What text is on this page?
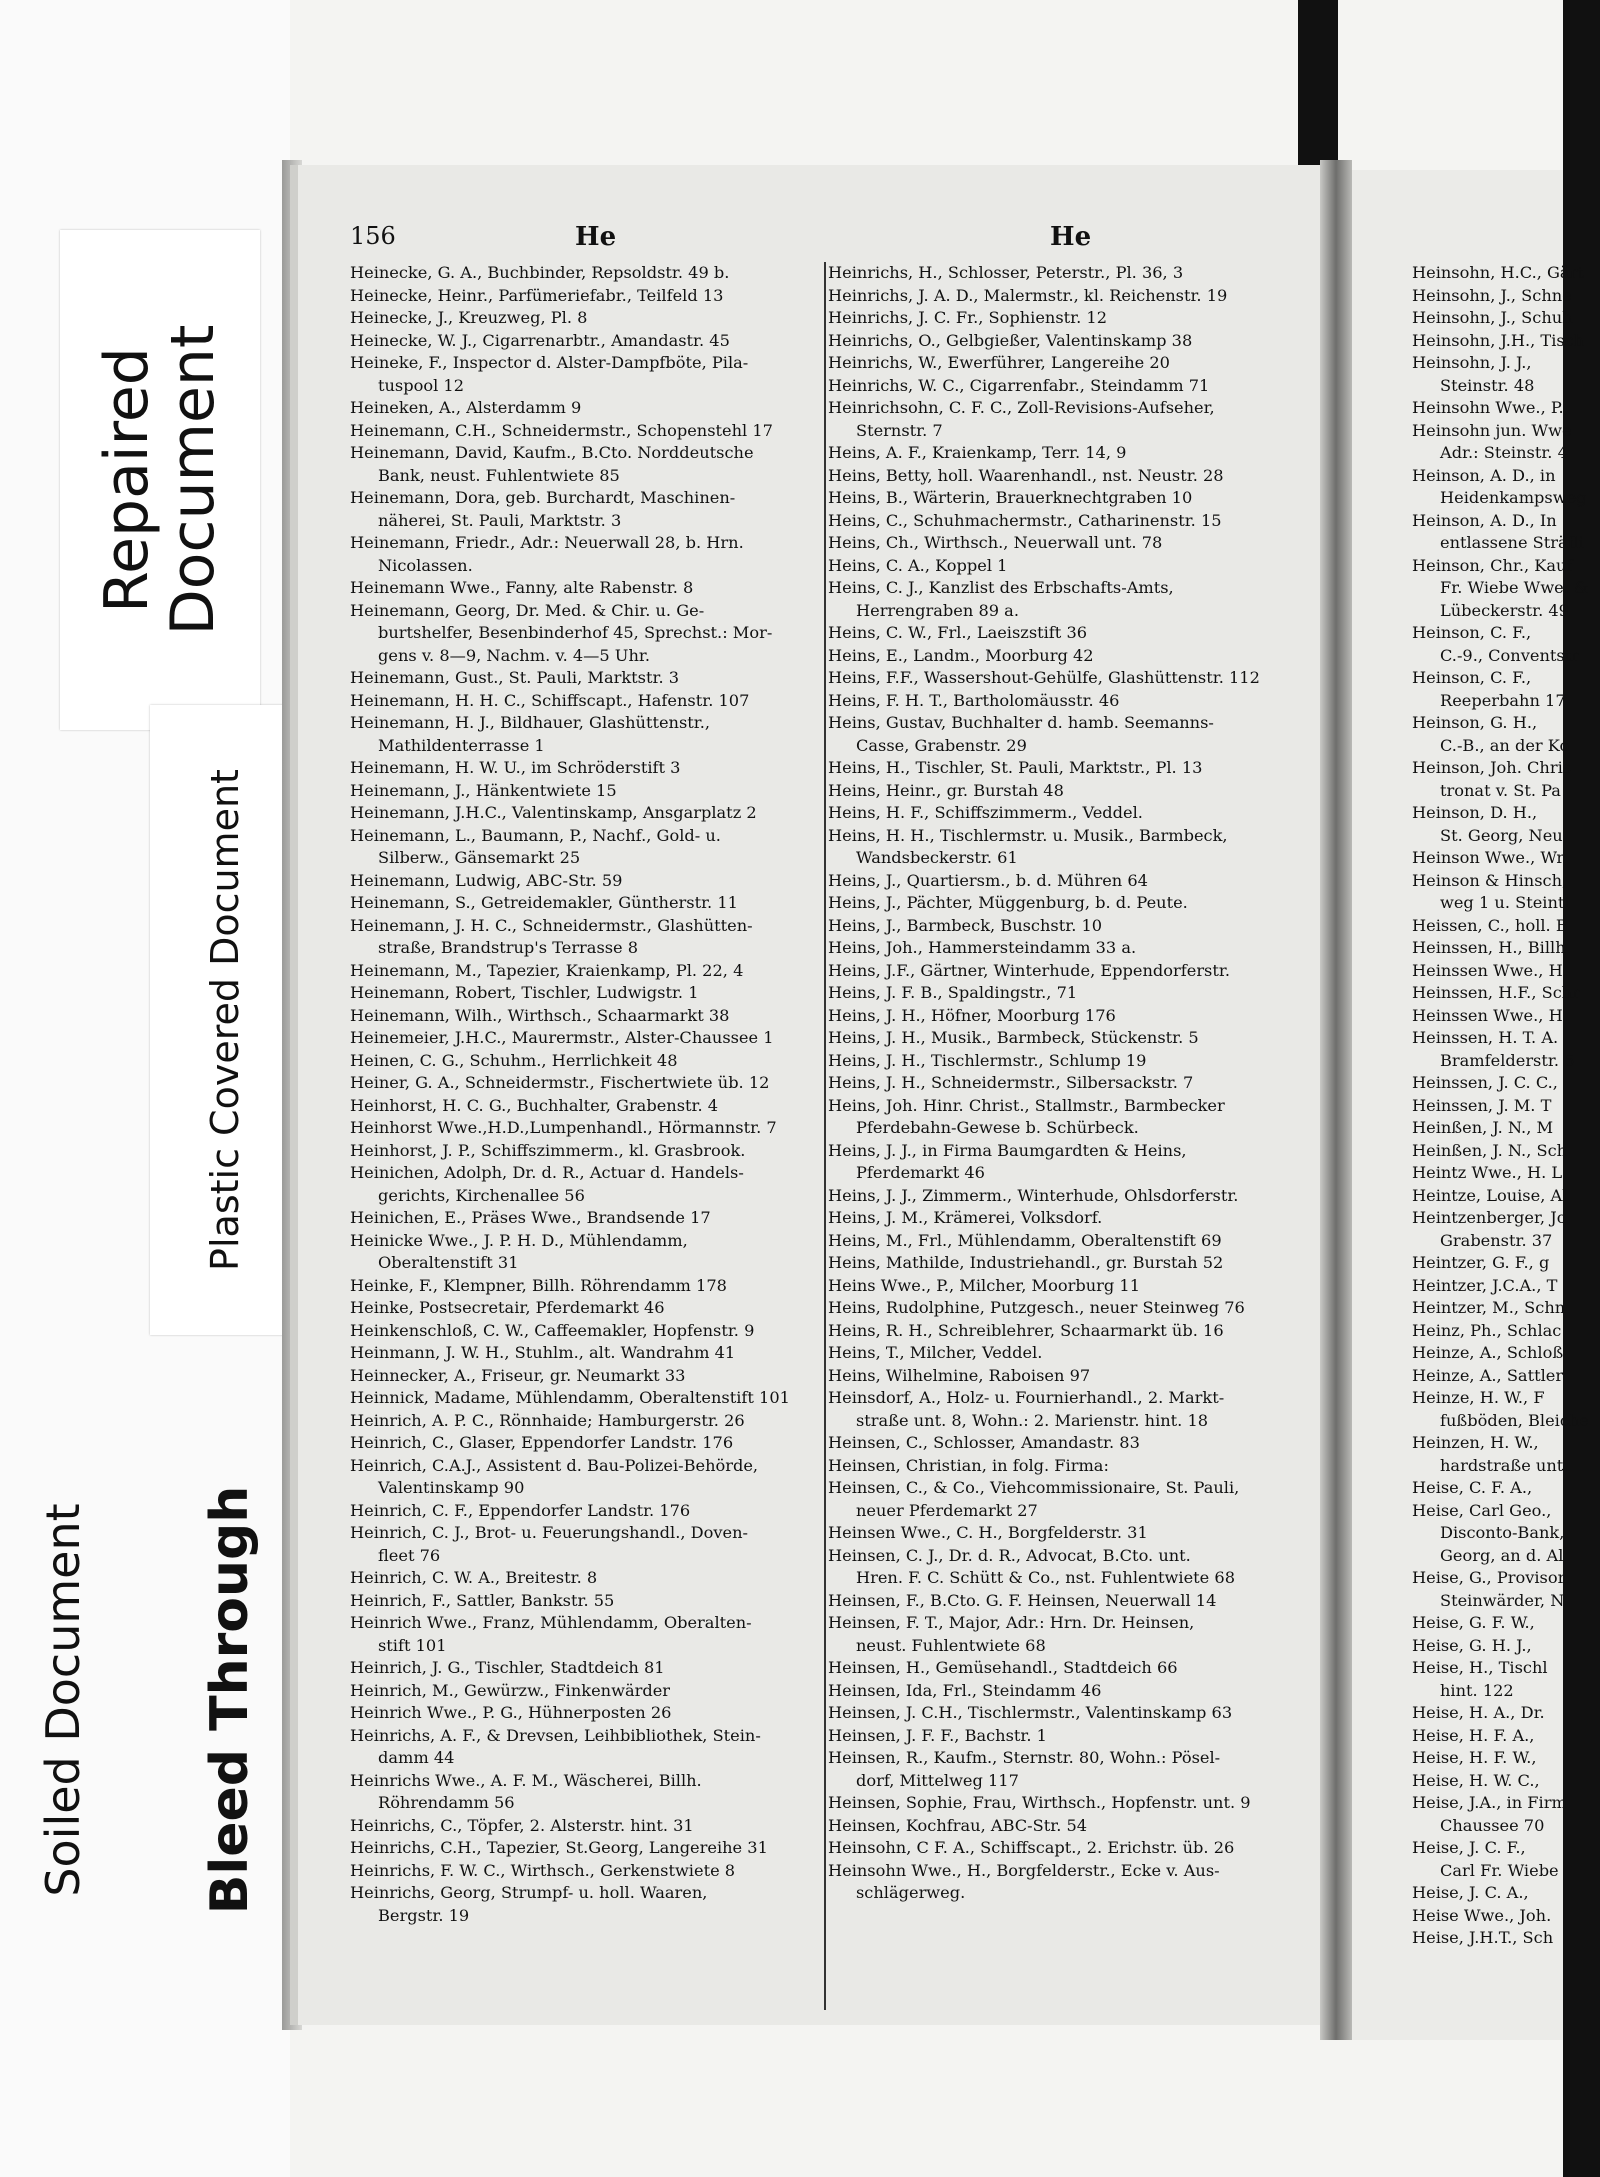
Repaired
Document
Plastic Covered Document
Soiled Document Bleed Through
156	He	He
Heinecke, G. A., Buchbinder, Repsoldstr. 49 b.
Heinecke, Heinr., Parfümeriefabr., Teilfeld 13
Heinecke, J., Kreuzweg, Pl. 8
Heinecke, W. J., Cigarrenarbtr., Amandastr. 45
Heineke, F., Inspector d. Alster-Dampfböte, Pila-
tuspool 12
Heineken, A., Alsterdamm 9
Heinemann, C.H., Schneidermstr., Schopenstehl 17
Heinemann, David, Kaufm., B.Cto. Norddeutsche
Bank, neust. Fuhlentwiete 85
Heinemann, Dora, geb. Burchardt, Maschinen-
näherei, St. Pauli, Marktstr. 3
Heinemann, Friedr., Adr.: Neuerwall 28, b. Hrn.
Nicolassen.
Heinemann Wwe., Fanny, alte Rabenstr. 8
Heinemann, Georg, Dr. Med. & Chir. u. Ge-
burtshelfer, Besenbinderhof 45, Sprechst.: Mor-
gens v. 8—9, Nachm. v. 4—5 Uhr.
Heinemann, Gust., St. Pauli, Marktstr. 3
Heinemann, H. H. C., Schiffscapt., Hafenstr. 107
Heinemann, H. J., Bildhauer, Glashüttenstr.,
Mathildenterrasse 1
Heinemann, H. W. U., im Schröderstift 3
Heinemann, J., Hänkentwiete 15
Heinemann, J.H.C., Valentinskamp, Ansgarplatz 2
Heinemann, L., Baumann, P., Nachf., Gold- u.
Silberw., Gänsemarkt 25
Heinemann, Ludwig, ABC-Str. 59
Heinemann, S., Getreidemakler, Güntherstr. 11
Heinemann, J. H. C., Schneidermstr., Glashütten-
straße, Brandstrup's Terrasse 8
Heinemann, M., Tapezier, Kraienkamp, Pl. 22, 4
Heinemann, Robert, Tischler, Ludwigstr. 1
Heinemann, Wilh., Wirthsch., Schaarmarkt 38
Heinemeier, J.H.C., Maurermstr., Alster-Chaussee 1
Heinen, C. G., Schuhm., Herrlichkeit 48
Heiner, G. A., Schneidermstr., Fischertwiete üb. 12
Heinhorst, H. C. G., Buchhalter, Grabenstr. 4
Heinhorst Wwe.,H.D.,Lumpenhandl., Hörmannstr. 7
Heinhorst, J. P., Schiffszimmerm., kl. Grasbrook.
Heinichen, Adolph, Dr. d. R., Actuar d. Handels-
gerichts, Kirchenallee 56
Heinichen, E., Präses Wwe., Brandsende 17
Heinicke Wwe., J. P. H. D., Mühlendamm,
Oberaltenstift 31
Heinke, F., Klempner, Billh. Röhrendamm 178
Heinke, Postsecretair, Pferdemarkt 46
Heinkenschloß, C. W., Caffeemakler, Hopfenstr. 9
Heinmann, J. W. H., Stuhlm., alt. Wandrahm 41
Heinnecker, A., Friseur, gr. Neumarkt 33
Heinnick, Madame, Mühlendamm, Oberaltenstift 101
Heinrich, A. P. C., Rönnhaide; Hamburgerstr. 26
Heinrich, C., Glaser, Eppendorfer Landstr. 176
Heinrich, C.A.J., Assistent d. Bau-Polizei-Behörde,
Valentinskamp 90
Heinrich, C. F., Eppendorfer Landstr. 176
Heinrich, C. J., Brot- u. Feuerungshandl., Doven-
fleet 76
Heinrich, C. W. A., Breitestr. 8
Heinrich, F., Sattler, Bankstr. 55
Heinrich Wwe., Franz, Mühlendamm, Oberalten-
stift 101
Heinrich, J. G., Tischler, Stadtdeich 81
Heinrich, M., Gewürzw., Finkenwärder
Heinrich Wwe., P. G., Hühnerposten 26
Heinrichs, A. F., & Drevsen, Leihbibliothek, Stein-
damm 44
Heinrichs Wwe., A. F. M., Wäscherei, Billh.
Röhrendamm 56
Heinrichs, C., Töpfer, 2. Alsterstr. hint. 31
Heinrichs, C.H., Tapezier, St.Georg, Langereihe 31
Heinrichs, F. W. C., Wirthsch., Gerkenstwiete 8
Heinrichs, Georg, Strumpf- u. holl. Waaren,
Bergstr. 19
Heinrichs, H., Schlosser, Peterstr., Pl. 36, 3
Heinrichs, J. A. D., Malermstr., kl. Reichenstr. 19
Heinrichs, J. C. Fr., Sophienstr. 12
Heinrichs, O., Gelbgießer, Valentinskamp 38
Heinrichs, W., Ewerführer, Langereihe 20
Heinrichs, W. C., Cigarrenfabr., Steindamm 71
Heinrichsohn, C. F. C., Zoll-Revisions-Aufseher,
Sternstr. 7
Heins, A. F., Kraienkamp, Terr. 14, 9
Heins, Betty, holl. Waarenhandl., nst. Neustr. 28
Heins, B., Wärterin, Brauerknechtgraben 10
Heins, C., Schuhmachermstr., Catharinenstr. 15
Heins, Ch., Wirthsch., Neuerwall unt. 78
Heins, C. A., Koppel 1
Heins, C. J., Kanzlist des Erbschafts-Amts,
Herrengraben 89 a.
Heins, C. W., Frl., Laeiszstift 36
Heins, E., Landm., Moorburg 42
Heins, F.F., Wassershout-Gehülfe, Glashüttenstr. 112
Heins, F. H. T., Bartholomäusstr. 46
Heins, Gustav, Buchhalter d. hamb. Seemanns-
Casse, Grabenstr. 29
Heins, H., Tischler, St. Pauli, Marktstr., Pl. 13
Heins, Heinr., gr. Burstah 48
Heins, H. F., Schiffszimmerm., Veddel.
Heins, H. H., Tischlermstr. u. Musik., Barmbeck,
Wandsbeckerstr. 61
Heins, J., Quartiersm., b. d. Mühren 64
Heins, J., Pächter, Müggenburg, b. d. Peute.
Heins, J., Barmbeck, Buschstr. 10
Heins, Joh., Hammersteindamm 33 a.
Heins, J.F., Gärtner, Winterhude, Eppendorferstr.
Heins, J. F. B., Spaldingstr., 71
Heins, J. H., Höfner, Moorburg 176
Heins, J. H., Musik., Barmbeck, Stückenstr. 5
Heins, J. H., Tischlermstr., Schlump 19
Heins, J. H., Schneidermstr., Silbersackstr. 7
Heins, Joh. Hinr. Christ., Stallmstr., Barmbecker
Pferdebahn-Gewese b. Schürbeck.
Heins, J. J., in Firma Baumgardten & Heins,
Pferdemarkt 46
Heins, J. J., Zimmerm., Winterhude, Ohlsdorferstr.
Heins, J. M., Krämerei, Volksdorf.
Heins, M., Frl., Mühlendamm, Oberaltenstift 69
Heins, Mathilde, Industriehandl., gr. Burstah 52
Heins Wwe., P., Milcher, Moorburg 11
Heins, Rudolphine, Putzgesch., neuer Steinweg 76
Heins, R. H., Schreiblehrer, Schaarmarkt üb. 16
Heins, T., Milcher, Veddel.
Heins, Wilhelmine, Raboisen 97
Heinsdorf, A., Holz- u. Fournierhandl., 2. Markt-
straße unt. 8, Wohn.: 2. Marienstr. hint. 18
Heinsen, C., Schlosser, Amandastr. 83
Heinsen, Christian, in folg. Firma:
Heinsen, C., & Co., Viehcommissionaire, St. Pauli,
neuer Pferdemarkt 27
Heinsen Wwe., C. H., Borgfelderstr. 31
Heinsen, C. J., Dr. d. R., Advocat, B.Cto. unt.
Hren. F. C. Schütt & Co., nst. Fuhlentwiete 68
Heinsen, F., B.Cto. G. F. Heinsen, Neuerwall 14
Heinsen, F. T., Major, Adr.: Hrn. Dr. Heinsen,
neust. Fuhlentwiete 68
Heinsen, H., Gemüsehandl., Stadtdeich 66
Heinsen, Ida, Frl., Steindamm 46
Heinsen, J. C.H., Tischlermstr., Valentinskamp 63
Heinsen, J. F. F., Bachstr. 1
Heinsen, R., Kaufm., Sternstr. 80, Wohn.: Pösel-
dorf, Mittelweg 117
Heinsen, Sophie, Frau, Wirthsch., Hopfenstr. unt. 9
Heinsen, Kochfrau, ABC-Str. 54
Heinsohn, C F. A., Schiffscapt., 2. Erichstr. üb. 26
Heinsohn Wwe., H., Borgfelderstr., Ecke v. Aus-
schlägerweg.
Heinsohn, H.C., Gärt
Heinsohn, J., Schne
Heinsohn, J., Schuh
Heinsohn, J.H., Tisch
Heinsohn, J. J.,
Steinstr. 48
Heinsohn Wwe., P.,
Heinsohn jun. Wwe
Adr.: Steinstr. 4
Heinson, A. D., in
Heidenkampsweg
Heinson, A. D., In
entlassene Sträfli
Heinson, Chr., Kauf
Fr. Wiebe Wwe. &
Lübeckerstr. 49
Heinson, C. F.,
C.-9., Conventstr
Heinson, C. F.,
Reeperbahn 17
Heinson, G. H.,
C.-B., an der Ko
Heinson, Joh. Chris
tronat v. St. Pa
Heinson, D. H.,
St. Georg, Neu
Heinson Wwe., Wr
Heinson & Hinsch,
weg 1 u. Steintl
Heissen, C., holl. B
Heinssen, H., Billh
Heinssen Wwe., H.
Heinssen, H.F., Schr
Heinssen Wwe., H.
Heinssen, H. T. A.
Bramfelderstr. 5
Heinssen, J. C. C.,
Heinssen, J. M. T
Heinßen, J. N., M
Heinßen, J. N., Sch
Heintz Wwe., H. L
Heintze, Louise, Al
Heintzenberger, Jo
Grabenstr. 37
Heintzer, G. F., g
Heintzer, J.C.A., T
Heintzer, M., Schn
Heinz, Ph., Schlac
Heinze, A., Schloß
Heinze, A., Sattler
Heinze, H. W., F
fußböden, Bleiche
Heinzen, H. W.,
hardstraße unt.
Heise, C. F. A.,
Heise, Carl Geo.,
Disconto-Bank,
Georg, an d. Al
Heise, G., Provisor
Steinwärder, N
Heise, G. F. W.,
Heise, G. H. J.,
Heise, H., Tischl
hint. 122
Heise, H. A., Dr.
Heise, H. F. A.,
Heise, H. F. W.,
Heise, H. W. C.,
Heise, J.A., in Firm
Chaussee 70
Heise, J. C. F.,
Carl Fr. Wiebe
Heise, J. C. A.,
Heise Wwe., Joh.
Heise, J.H.T., Sch
